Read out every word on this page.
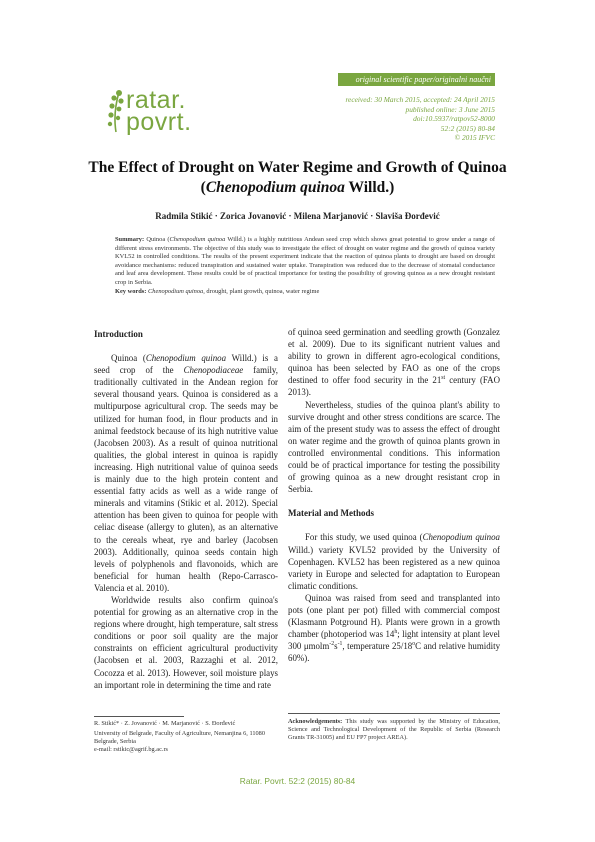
original scientific paper/originalni naučni članak
ratar.
povrt.
received: 30 March 2015, accepted: 24 April 2015
published online: 3 June 2015
doi:10.5937/ratpov52-8000
52:2 (2015) 80-84
© 2015 IFVC
The Effect of Drought on Water Regime and Growth of Quinoa
(Chenopodium quinoa Willd.)
Radmila Stikić · Zorica Jovanović · Milena Marjanović · Slaviša Đorđević
Summary: Quinoa (Chenopodium quinoa Willd.) is a highly nutritious Andean seed crop which shows great potential to grow under a range of different stress environments. The objective of this study was to investigate the effect of drought on water regime and the growth of quinoa variety KVL52 in controlled conditions. The results of the present experiment indicate that the reaction of quinoa plants to drought are based on drought avoidance mechanisms: reduced transpiration and sustained water uptake. Transpiration was reduced due to the decrease of stomatal conductance and leaf area development. These results could be of practical importance for testing the possibility of growing quinoa as a new drought resistant crop in Serbia.
Key words: Chenopodium quinoa, drought, plant growth, quinoa, water regime
Introduction

Quinoa (Chenopodium quinoa Willd.) is a seed crop of the Chenopodiaceae family, traditionally cultivated in the Andean region for several thousand years. Quinoa is considered as a multipurpose agricultural crop. The seeds may be utilized for human food, in flour products and in animal feedstock because of its high nutritive value (Jacobsen 2003). As a result of quinoa nutritional qualities, the global interest in quinoa is rapidly increasing. High nutritional value of quinoa seeds is mainly due to the high protein content and essential fatty acids as well as a wide range of minerals and vitamins (Stikic et al. 2012). Special attention has been given to quinoa for people with celiac disease (allergy to gluten), as an alternative to the cereals wheat, rye and barley (Jacobsen 2003). Additionally, quinoa seeds contain high levels of polyphenols and flavonoids, which are beneficial for human health (Repo-Carrasco-Valencia et al. 2010).

Worldwide results also confirm quinoa's potential for growing as an alternative crop in the regions where drought, high temperature, salt stress conditions or poor soil quality are the major constraints on efficient agricultural productivity (Jacobsen et al. 2003, Razzaghi et al. 2012, Cocozza et al. 2013). However, soil moisture plays an important role in determining the time and rate

R. Stikić* · Z. Jovanović · M. Marjanović · S. Đorđević
University of Belgrade, Faculty of Agriculture, Nemanjina 6, 11080 Belgrade, Serbia
e-mail: rstikic@agrif.bg.ac.rs

of quinoa seed germination and seedling growth (Gonzalez et al. 2009). Due to its significant nutrient values and ability to grown in different agro-ecological conditions, quinoa has been selected by FAO as one of the crops destined to offer food security in the 21st century (FAO 2013).

Nevertheless, studies of the quinoa plant's ability to survive drought and other stress conditions are scarce. The aim of the present study was to assess the effect of drought on water regime and the growth of quinoa plants grown in controlled environmental conditions. This information could be of practical importance for testing the possibility of growing quinoa as a new drought resistant crop in Serbia.

Material and Methods

For this study, we used quinoa (Chenopodium quinoa Willd.) variety KVL52 provided by the University of Copenhagen. KVL52 has been registered as a new quinoa variety in Europe and selected for adaptation to European climatic conditions.

Quinoa was raised from seed and transplanted into pots (one plant per pot) filled with commercial compost (Klasmann Potground H). Plants were grown in a growth chamber (photoperiod was 14$^h$; light intensity at plant level 300 $\mu molm^{-2}s^{-1}$, temperature 25/18$^o$C and relative humidity 60%).

Acknowledgements: This study was supported by the Ministry of Education, Science and Technological Development of the Republic of Serbia (Research Grants TR-31005) and EU FP7 project AREA).
Ratar. Povrt. 52:2 (2015) 80-84
